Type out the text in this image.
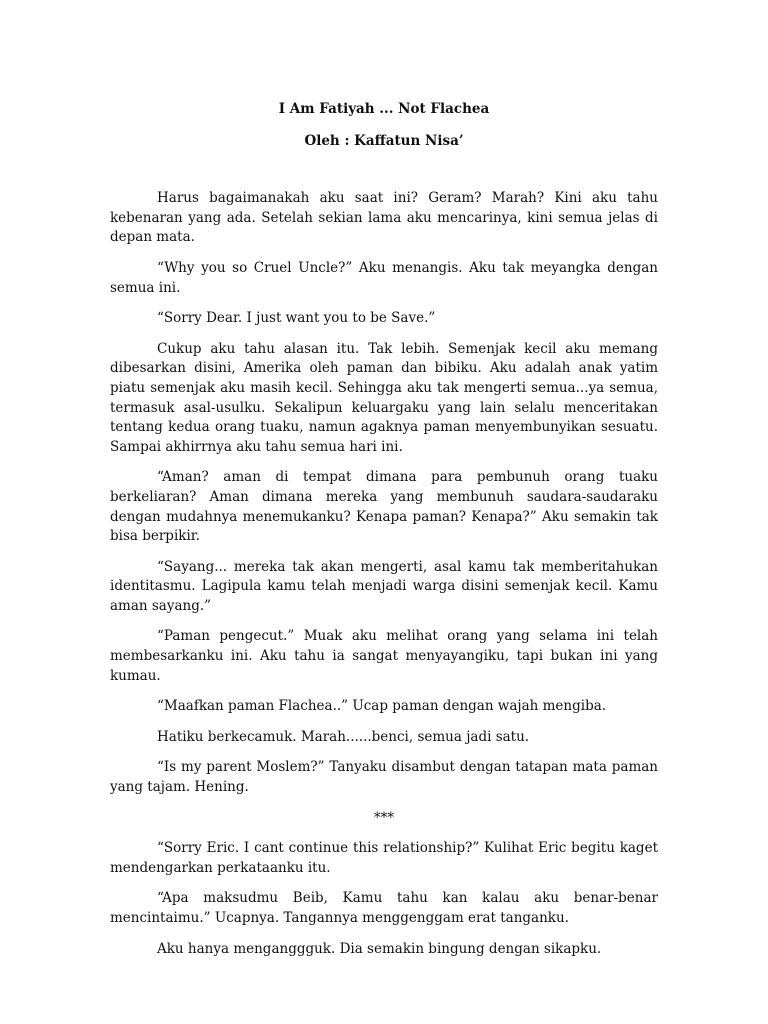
I Am Fatiyah ... Not Flachea

Oleh : Kaffatun Nisa’

Harus bagaimanakah aku saat ini? Geram? Marah? Kini aku tahu kebenaran yang ada. Setelah sekian lama aku mencarinya, kini semua jelas di depan mata.

“Why you so Cruel Uncle?” Aku menangis. Aku tak meyangka dengan semua ini.

“Sorry Dear. I just want you to be Save.”

Cukup aku tahu alasan itu. Tak lebih. Semenjak kecil aku memang dibesarkan disini, Amerika oleh paman dan bibiku. Aku adalah anak yatim piatu semenjak aku masih kecil. Sehingga aku tak mengerti semua...ya semua, termasuk asal-usulku. Sekalipun keluargaku yang lain selalu menceritakan tentang kedua orang tuaku, namun agaknya paman menyembunyikan sesuatu. Sampai akhirrnya aku tahu semua hari ini.

“Aman? aman di tempat dimana para pembunuh orang tuaku berkeliaran? Aman dimana mereka yang membunuh saudara-saudaraku dengan mudahnya menemukanku? Kenapa paman? Kenapa?” Aku semakin tak bisa berpikir.

“Sayang... mereka tak akan mengerti, asal kamu tak memberitahukan identitasmu. Lagipula kamu telah menjadi warga disini semenjak kecil. Kamu aman sayang.”

“Paman pengecut.” Muak aku melihat orang yang selama ini telah membesarkanku ini. Aku tahu ia sangat menyayangiku, tapi bukan ini yang kumau.

“Maafkan paman Flachea..” Ucap paman dengan wajah mengiba.

Hatiku berkecamuk. Marah......benci, semua jadi satu.

“Is my parent Moslem?” Tanyaku disambut dengan tatapan mata paman yang tajam. Hening.

***

“Sorry Eric. I cant continue this relationship?” Kulihat Eric begitu kaget mendengarkan perkataanku itu.

“Apa maksudmu Beib, Kamu tahu kan kalau aku benar-benar mencintaimu.” Ucapnya. Tangannya menggenggam erat tanganku.

Aku hanya menganggguk. Dia semakin bingung dengan sikapku.
